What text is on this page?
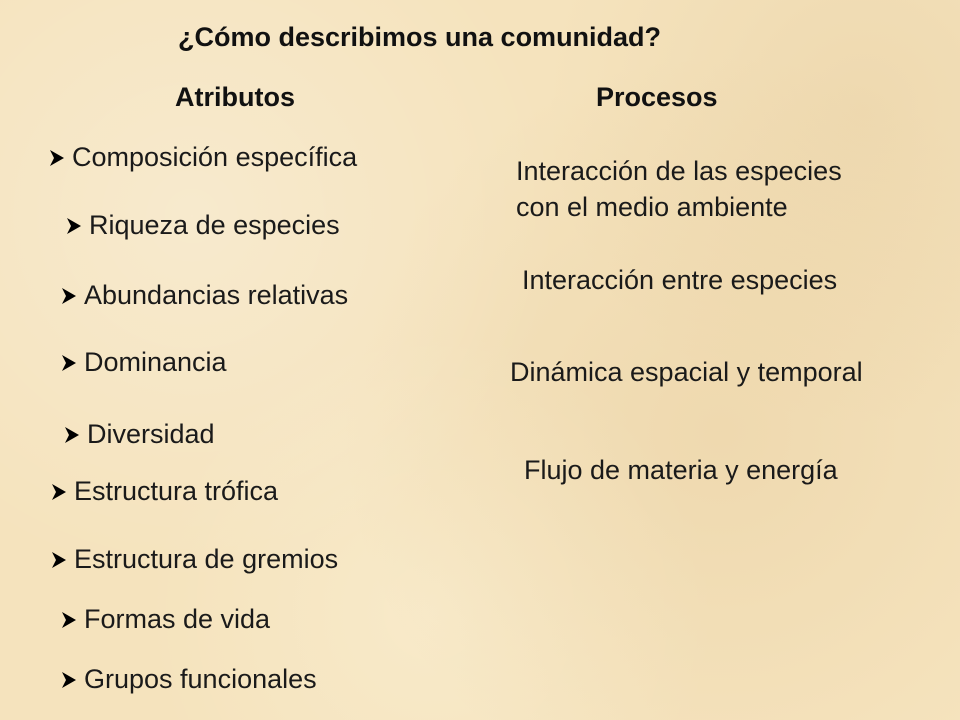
¿Cómo describimos una comunidad?
Atributos	Procesos
Composición específica
Riqueza de especies
Abundancias relativas
Dominancia
Diversidad
Estructura trófica
Estructura de gremios
Formas de vida
Grupos funcionales
Interacción de las especies
con el medio ambiente
Interacción entre especies
Dinámica espacial y temporal
Flujo de materia y energía
